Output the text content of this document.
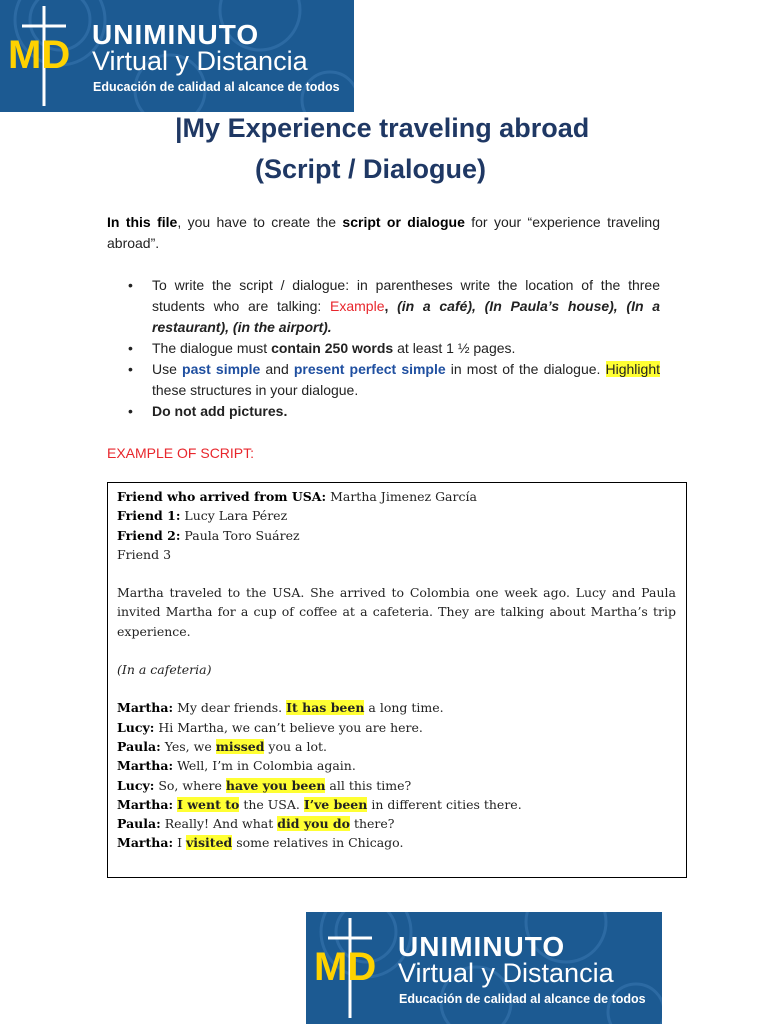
MD UNIMINUTO
Virtual y Distancia
Educación de calidad al alcance de todos
|My Experience traveling abroad
(Script / Dialogue)
In this file, you have to create the script or dialogue for your “experience traveling abroad”.
• To write the script / dialogue: in parentheses write the location of the three students who are talking: Example, (in a café), (In Paula’s house), (In a restaurant), (in the airport).
• The dialogue must contain 250 words at least 1 ½ pages.
• Use past simple and present perfect simple in most of the dialogue. Highlight these structures in your dialogue.
• Do not add pictures.
EXAMPLE OF SCRIPT:
Friend who arrived from USA: Martha Jimenez García
Friend 1: Lucy Lara Pérez
Friend 2: Paula Toro Suárez
Friend 3
Martha traveled to the USA. She arrived to Colombia one week ago. Lucy and Paula invited Martha for a cup of coffee at a cafeteria. They are talking about Martha’s trip experience.
(In a cafeteria)
Martha: My dear friends. It has been a long time.
Lucy: Hi Martha, we can’t believe you are here.
Paula: Yes, we missed you a lot.
Martha: Well, I’m in Colombia again.
Lucy: So, where have you been all this time?
Martha: I went to the USA. I’ve been in different cities there.
Paula: Really! And what did you do there?
Martha: I visited some relatives in Chicago.
MD UNIMINUTO
Virtual y Distancia
Educación de calidad al alcance de todos
